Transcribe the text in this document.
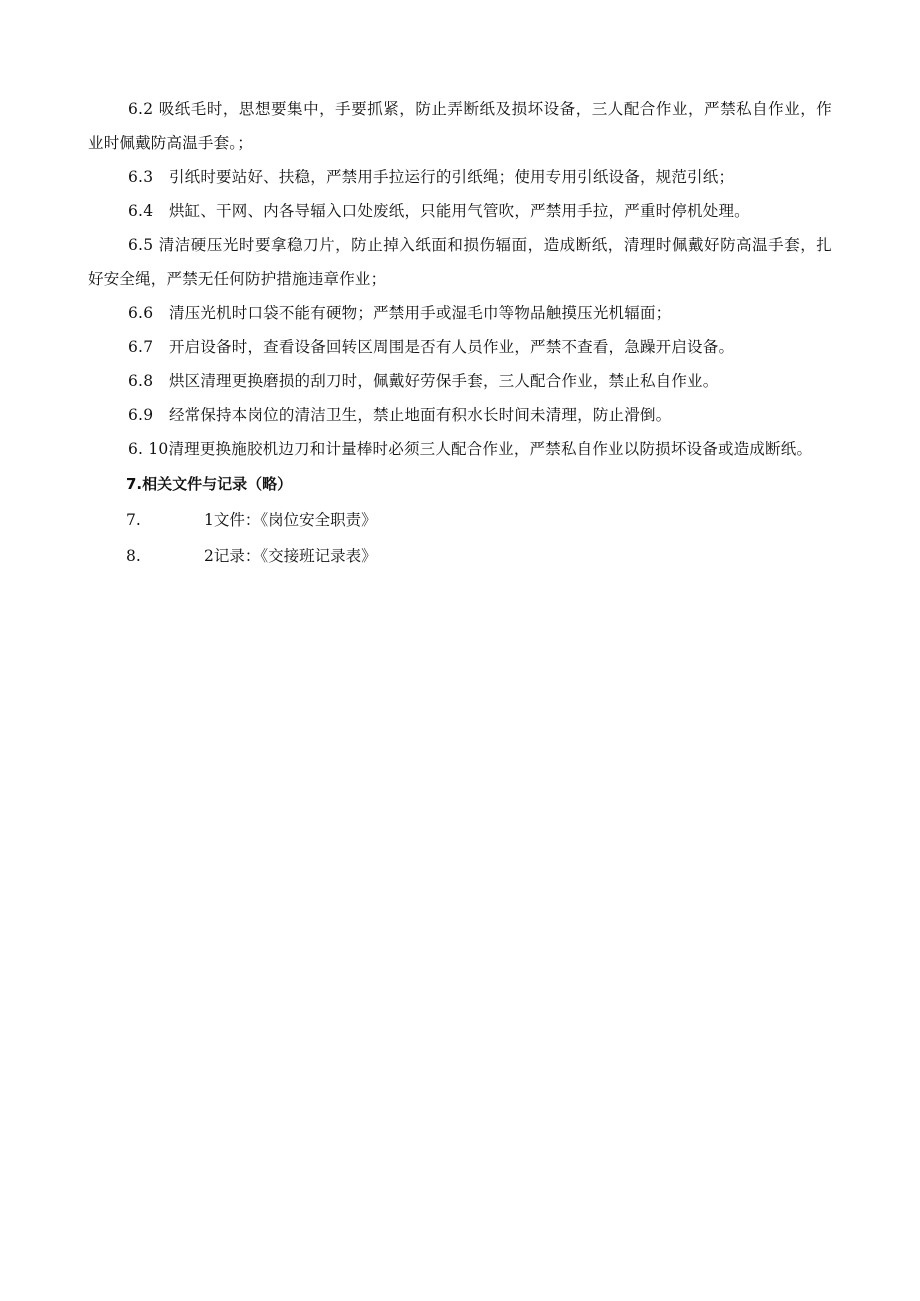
6.2 吸纸毛时，思想要集中，手要抓紧，防止弄断纸及损坏设备，三人配合作业，严禁私自作业，作业时佩戴防高温手套。；

6.3　引纸时要站好、扶稳，严禁用手拉运行的引纸绳；使用专用引纸设备，规范引纸；

6.4　烘缸、干网、内各导辐入口处废纸，只能用气管吹，严禁用手拉，严重时停机处理。

6.5 清洁硬压光时要拿稳刀片，防止掉入纸面和损伤辐面，造成断纸，清理时佩戴好防高温手套，扎好安全绳，严禁无任何防护措施违章作业；

6.6　清压光机时口袋不能有硬物；严禁用手或湿毛巾等物品触摸压光机辐面；

6.7　开启设备时，查看设备回转区周围是否有人员作业，严禁不查看，急躁开启设备。

6.8　烘区清理更换磨损的刮刀时，佩戴好劳保手套，三人配合作业，禁止私自作业。

6.9　经常保持本岗位的清洁卫生，禁止地面有积水长时间未清理，防止滑倒。

6. 10清理更换施胶机边刀和计量棒时必须三人配合作业，严禁私自作业以防损坏设备或造成断纸。

7.相关文件与记录（略）

7.	1文件：《岗位安全职责》

8.	2记录：《交接班记录表》
